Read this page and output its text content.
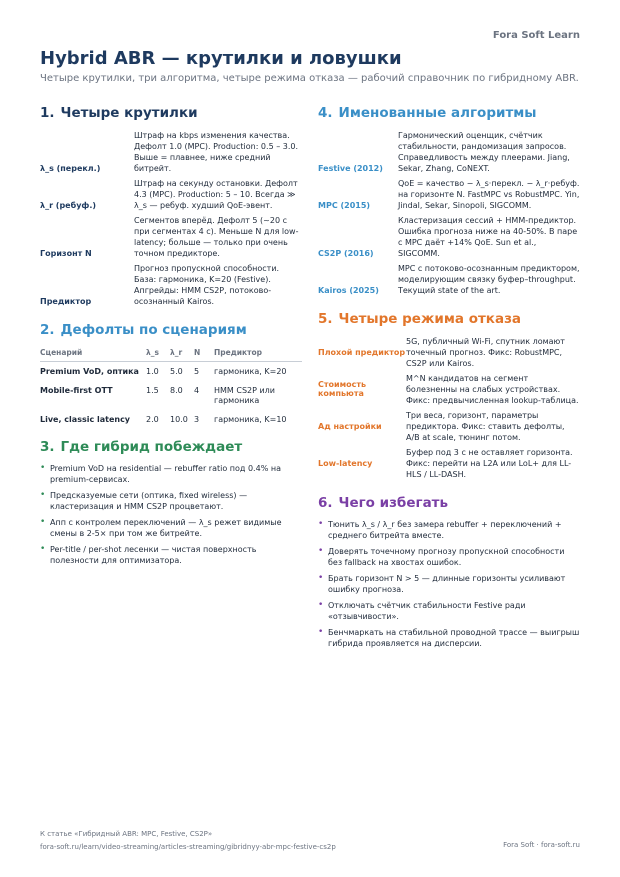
Fora Soft Learn
Hybrid ABR — крутилки и ловушки
Четыре крутилки, три алгоритма, четыре режима отказа — рабочий справочник по гибридному ABR.
1. Четыре крутилки
λ_s (перекл.)
Штраф на kbps изменения качества. Дефолт 1.0 (MPC). Production: 0.5 – 3.0. Выше = плавнее, ниже средний битрейт.
λ_r (ребуф.)
Штраф на секунду остановки. Дефолт 4.3 (MPC). Production: 5 – 10. Всегда ≫ λ_s — ребуф. худший QoE-эвент.
Горизонт N
Сегментов вперёд. Дефолт 5 (~20 с при сегментах 4 с). Меньше N для low-latency; больше — только при очень точном предикторе.
Предиктор
Прогноз пропускной способности. База: гармоника, K=20 (Festive). Апгрейды: HMM CS2P, потоково-осознанный Kairos.
2. Дефолты по сценариям
Сценарий	λ_s	λ_r	N	Предиктор
Premium VoD, оптика	1.0	5.0	5	гармоника, K=20
Mobile-first OTT	1.5	8.0	4	HMM CS2P или гармоника
Live, classic latency	2.0	10.0	3	гармоника, K=10
3. Где гибрид побеждает
• Premium VoD на residential — rebuffer ratio под 0.4% на premium-сервисах.
• Предсказуемые сети (оптика, fixed wireless) — кластеризация и HMM CS2P процветают.
• Апп с контролем переключений — λ_s режет видимые смены в 2-5× при том же битрейте.
• Per-title / per-shot лесенки — чистая поверхность полезности для оптимизатора.
4. Именованные алгоритмы
Festive (2012)
Гармонический оценщик, счётчик стабильности, рандомизация запросов. Справедливость между плеерами. Jiang, Sekar, Zhang, CoNEXT.
MPC (2015)
QoE = качество − λ_s·перекл. − λ_r·ребуф. на горизонте N. FastMPC vs RobustMPC. Yin, Jindal, Sekar, Sinopoli, SIGCOMM.
CS2P (2016)
Кластеризация сессий + HMM-предиктор. Ошибка прогноза ниже на 40-50%. В паре с MPC даёт +14% QoE. Sun et al., SIGCOMM.
Kairos (2025)
MPC с потоково-осознанным предиктором, моделирующим связку буфер–throughput. Текущий state of the art.
5. Четыре режима отказа
Плохой предиктор
5G, публичный Wi-Fi, спутник ломают точечный прогноз. Фикс: RobustMPC, CS2P или Kairos.
Стоимость компьюта
M^N кандидатов на сегмент болезненны на слабых устройствах. Фикс: предвычисленная lookup-таблица.
Ад настройки
Три веса, горизонт, параметры предиктора. Фикс: ставить дефолты, A/B at scale, тюнинг потом.
Low-latency
Буфер под 3 с не оставляет горизонта. Фикс: перейти на L2A или LoL+ для LL-HLS / LL-DASH.
6. Чего избегать
• Тюнить λ_s / λ_r без замера rebuffer + переключений + среднего битрейта вместе.
• Доверять точечному прогнозу пропускной способности без fallback на хвостах ошибок.
• Брать горизонт N > 5 — длинные горизонты усиливают ошибку прогноза.
• Отключать счётчик стабильности Festive ради «отзывчивости».
• Бенчмаркать на стабильной проводной трассе — выигрыш гибрида проявляется на дисперсии.
К статье «Гибридный ABR: MPC, Festive, CS2P»
fora-soft.ru/learn/video-streaming/articles-streaming/gibridnyy-abr-mpc-festive-cs2p	Fora Soft · fora-soft.ru
